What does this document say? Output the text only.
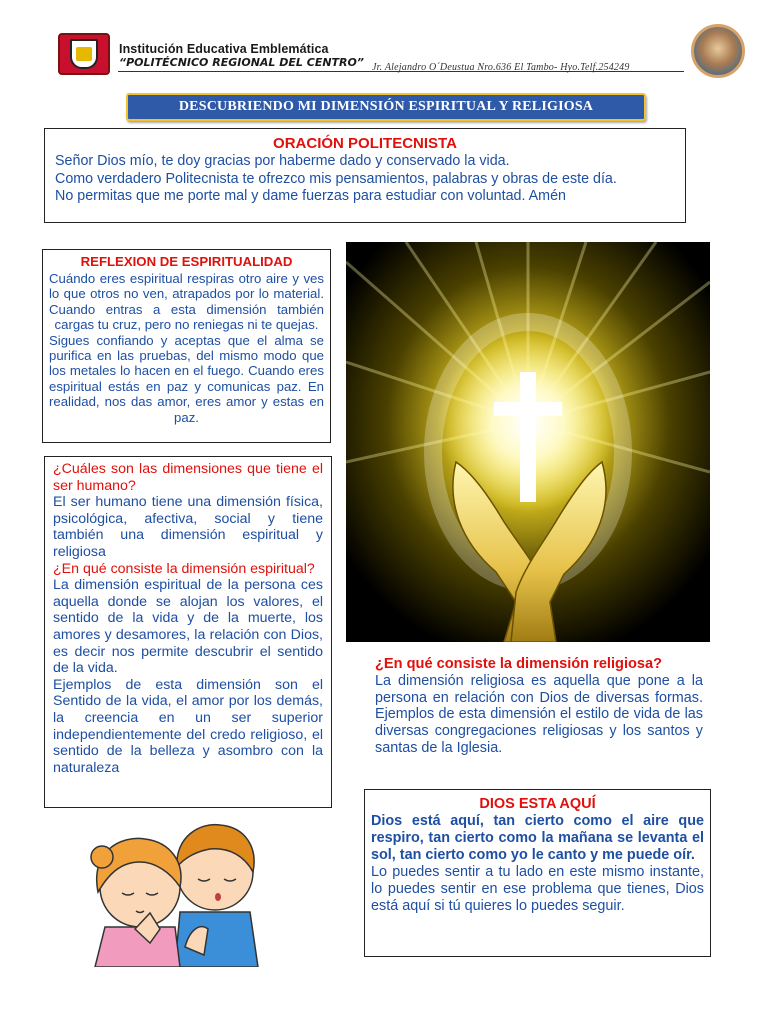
Institución Educativa Emblemática
“POLITÉCNICO REGIONAL DEL CENTRO” Jr. Alejandro O´Deustua Nro.636 El Tambo- Hyo.Telf.254249
DESCUBRIENDO MI DIMENSIÓN ESPIRITUAL Y RELIGIOSA
ORACIÓN POLITECNISTA
Señor Dios mío, te doy gracias por haberme dado y conservado la vida.
Como verdadero Politecnista te ofrezco mis pensamientos, palabras y obras de este día.
No permitas que me porte mal y dame fuerzas para estudiar con voluntad. Amén
REFLEXION DE ESPIRITUALIDAD

Cuándo eres espiritual respiras otro aire y ves lo que otros no ven, atrapados por lo material. Cuando entras a esta dimensión también cargas tu cruz, pero no reniegas ni te quejas.

Sigues confiando y aceptas que el alma se purifica en las pruebas, del mismo modo que los metales lo hacen en el fuego. Cuando eres espiritual estás en paz y comunicas paz. En realidad, nos das amor, eres amor y estas en paz.

¿Cuáles son las dimensiones que tiene el ser humano?

El ser humano tiene una dimensión física, psicológica, afectiva, social y tiene también una dimensión espiritual y religiosa

¿En qué consiste la dimensión espiritual?

La dimensión espiritual de la persona ces aquella donde se alojan los valores, el sentido de la vida y de la muerte, los amores y desamores, la relación con Dios, es decir nos permite descubrir el sentido de la vida.

Ejemplos de esta dimensión son el Sentido de la vida, el amor por los demás, la creencia en un ser superior independientemente del credo religioso, el sentido de la belleza y asombro con la naturaleza

¿En qué consiste la dimensión religiosa?

La dimensión religiosa es aquella que pone a la persona en relación con Dios de diversas formas. Ejemplos de esta dimensión el estilo de vida de las diversas congregaciones religiosas y los santos y santas de la Iglesia.

DIOS ESTA AQUÍ

Dios está aquí, tan cierto como el aire que respiro, tan cierto como la mañana se levanta el sol, tan cierto como yo le canto y me puede oír.

Lo puedes sentir a tu lado en este mismo instante, lo puedes sentir en ese problema que tienes, Dios está aquí si tú quieres lo puedes seguir.
